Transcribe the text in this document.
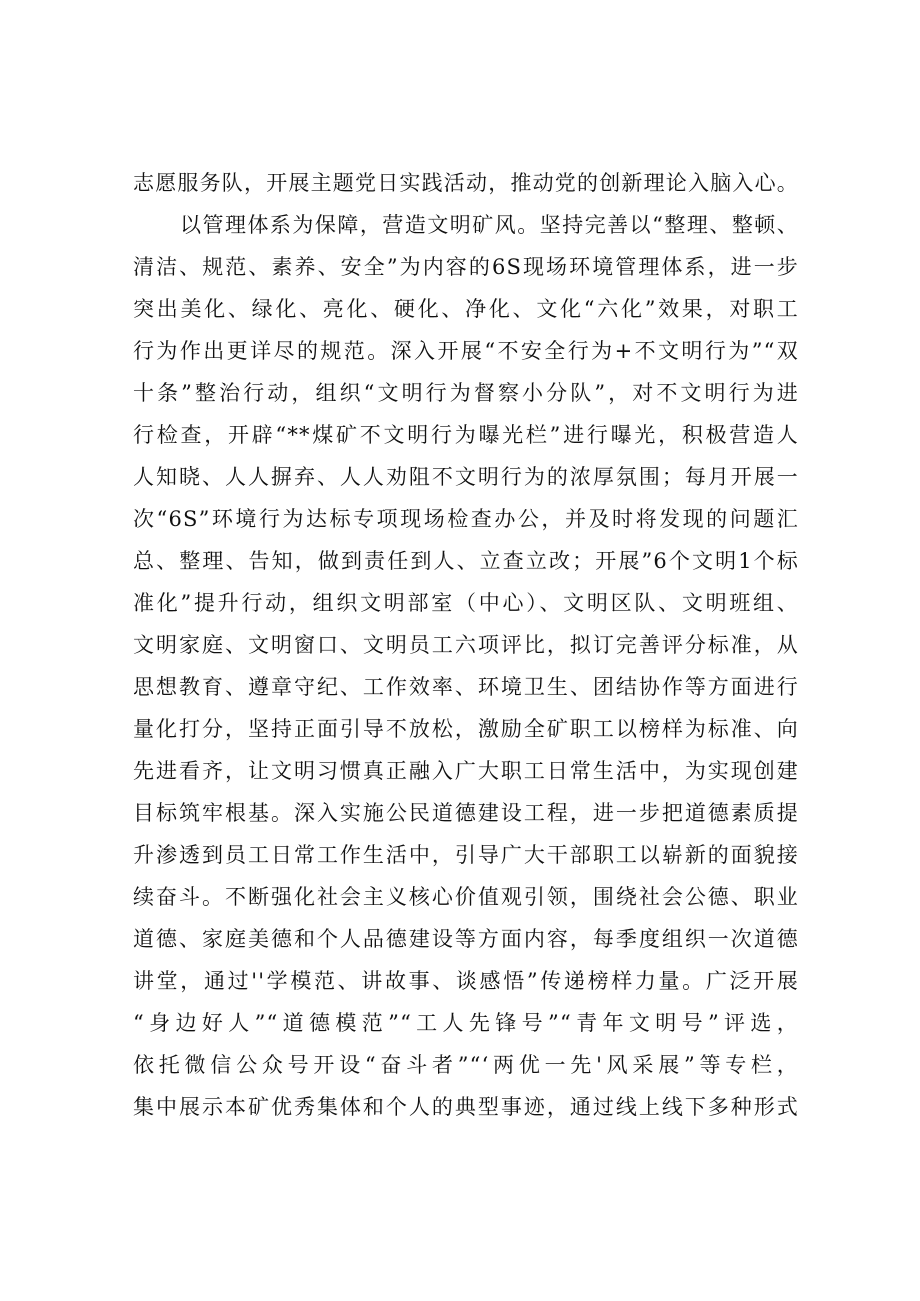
志愿服务队，开展主题党日实践活动，推动党的创新理论入脑入心。
以管理体系为保障，营造文明矿风。坚持完善以“整理、整顿、
清洁、规范、素养、安全”为内容的6S现场环境管理体系，进一步
突出美化、绿化、亮化、硬化、净化、文化“六化”效果，对职工
行为作出更详尽的规范。深入开展“不安全行为+不文明行为”“双
十条”整治行动，组织“文明行为督察小分队”，对不文明行为进
行检查，开辟“**煤矿不文明行为曝光栏”进行曝光，积极营造人
人知晓、人人摒弃、人人劝阻不文明行为的浓厚氛围；每月开展一
次“6S”环境行为达标专项现场检查办公，并及时将发现的问题汇
总、整理、告知，做到责任到人、立查立改；开展”6个文明1个标
准化”提升行动，组织文明部室（中心）、文明区队、文明班组、
文明家庭、文明窗口、文明员工六项评比，拟订完善评分标准，从
思想教育、遵章守纪、工作效率、环境卫生、团结协作等方面进行
量化打分，坚持正面引导不放松，激励全矿职工以榜样为标准、向
先进看齐，让文明习惯真正融入广大职工日常生活中，为实现创建
目标筑牢根基。深入实施公民道德建设工程，进一步把道德素质提
升渗透到员工日常工作生活中，引导广大干部职工以崭新的面貌接
续奋斗。不断强化社会主义核心价值观引领，围绕社会公德、职业
道德、家庭美德和个人品德建设等方面内容，每季度组织一次道德
讲堂，通过''学模范、讲故事、谈感悟”传递榜样力量。广泛开展
“身边好人”“道德模范”“工人先锋号”“青年文明号”评选，
依托微信公众号开设“奋斗者”“‘两优一先'风采展”等专栏，
集中展示本矿优秀集体和个人的典型事迹，通过线上线下多种形式
